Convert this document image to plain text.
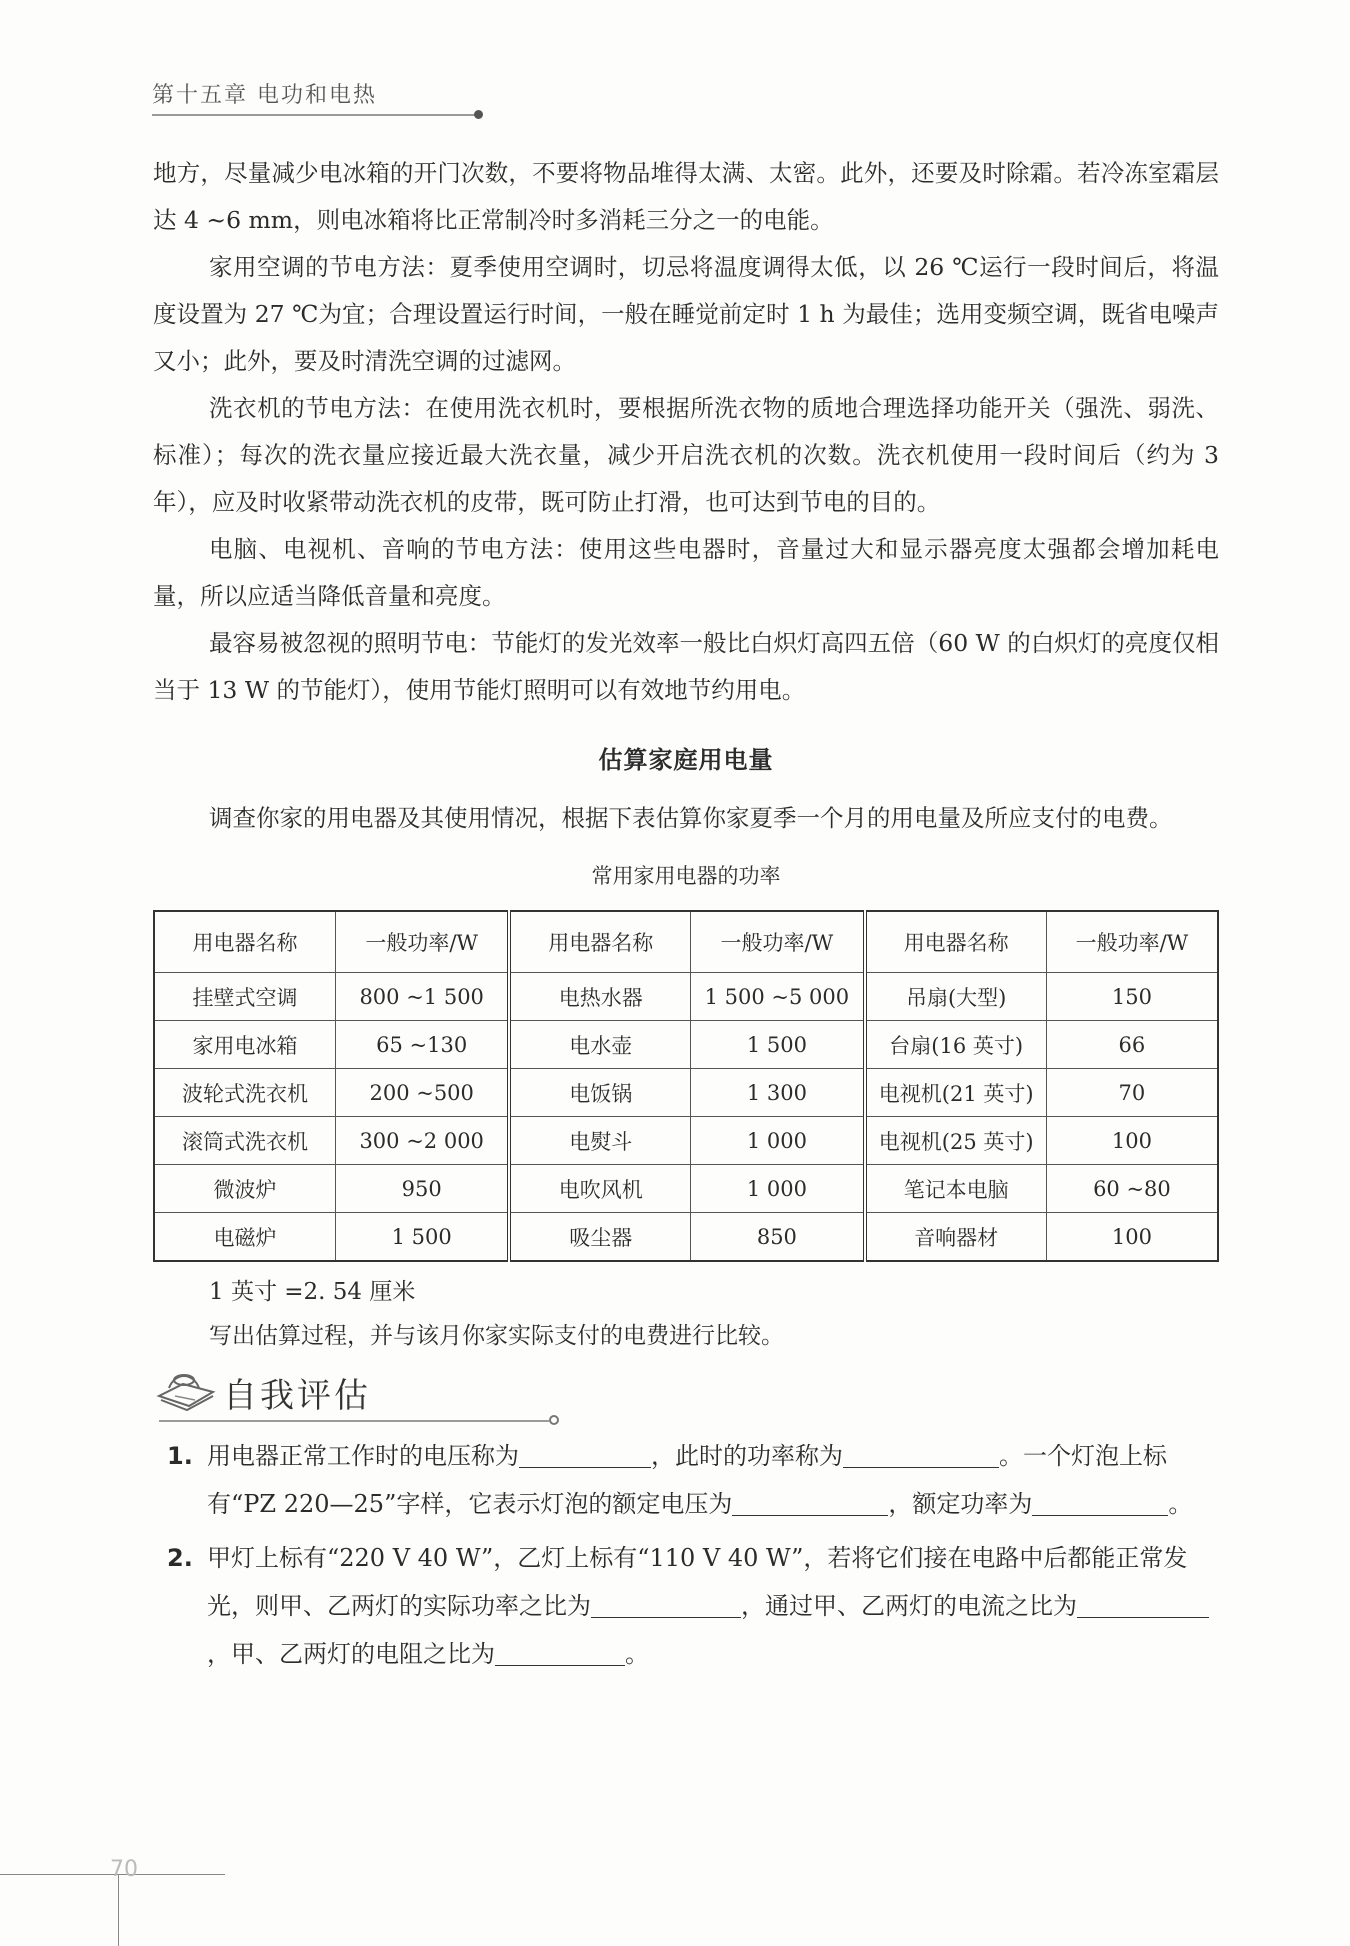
第十五章 电功和电热

地方，尽量减少电冰箱的开门次数，不要将物品堆得太满、太密。此外，还要及时除霜。若冷冻室霜层达 4 ~6 mm，则电冰箱将比正常制冷时多消耗三分之一的电能。

家用空调的节电方法：夏季使用空调时，切忌将温度调得太低，以 26 ℃运行一段时间后，将温度设置为 27 ℃为宜；合理设置运行时间，一般在睡觉前定时 1 h 为最佳；选用变频空调，既省电噪声又小；此外，要及时清洗空调的过滤网。

洗衣机的节电方法：在使用洗衣机时，要根据所洗衣物的质地合理选择功能开关（强洗、弱洗、标准）；每次的洗衣量应接近最大洗衣量，减少开启洗衣机的次数。洗衣机使用一段时间后（约为 3 年），应及时收紧带动洗衣机的皮带，既可防止打滑，也可达到节电的目的。

电脑、电视机、音响的节电方法：使用这些电器时，音量过大和显示器亮度太强都会增加耗电量，所以应适当降低音量和亮度。

最容易被忽视的照明节电：节能灯的发光效率一般比白炽灯高四五倍（60 W 的白炽灯的亮度仅相当于 13 W 的节能灯），使用节能灯照明可以有效地节约用电。

估算家庭用电量

调查你家的用电器及其使用情况，根据下表估算你家夏季一个月的用电量及所应支付的电费。

常用家用电器的功率
用电器名称	一般功率/W	用电器名称	一般功率/W	用电器名称	一般功率/W
挂壁式空调	800 ~1 500	电热水器	1 500 ~5 000	吊扇(大型)	150
家用电冰箱	65 ~130	电水壶	1 500	台扇(16 英寸)	66
波轮式洗衣机	200 ~500	电饭锅	1 300	电视机(21 英寸)	70
滚筒式洗衣机	300 ~2 000	电熨斗	1 000	电视机(25 英寸)	100
微波炉	950	电吹风机	1 000	笔记本电脑	60 ~80
电磁炉	1 500	吸尘器	850	音响器材	100

1 英寸 =2. 54 厘米

写出估算过程，并与该月你家实际支付的电费进行比较。

自我评估
1. 用电器正常工作时的电压称为	，此时的功率称为	。一个灯泡上标有“PZ 220—25”字样，它表示灯泡的额定电压为	，额定功率为	。
2. 甲灯上标有“220 V 40 W”，乙灯上标有“110 V 40 W”，若将它们接在电路中后都能正常发光，则甲、乙两灯的实际功率之比为	，通过甲、乙两灯的电流之比为，甲、乙两灯的电阻之比为	。
70
